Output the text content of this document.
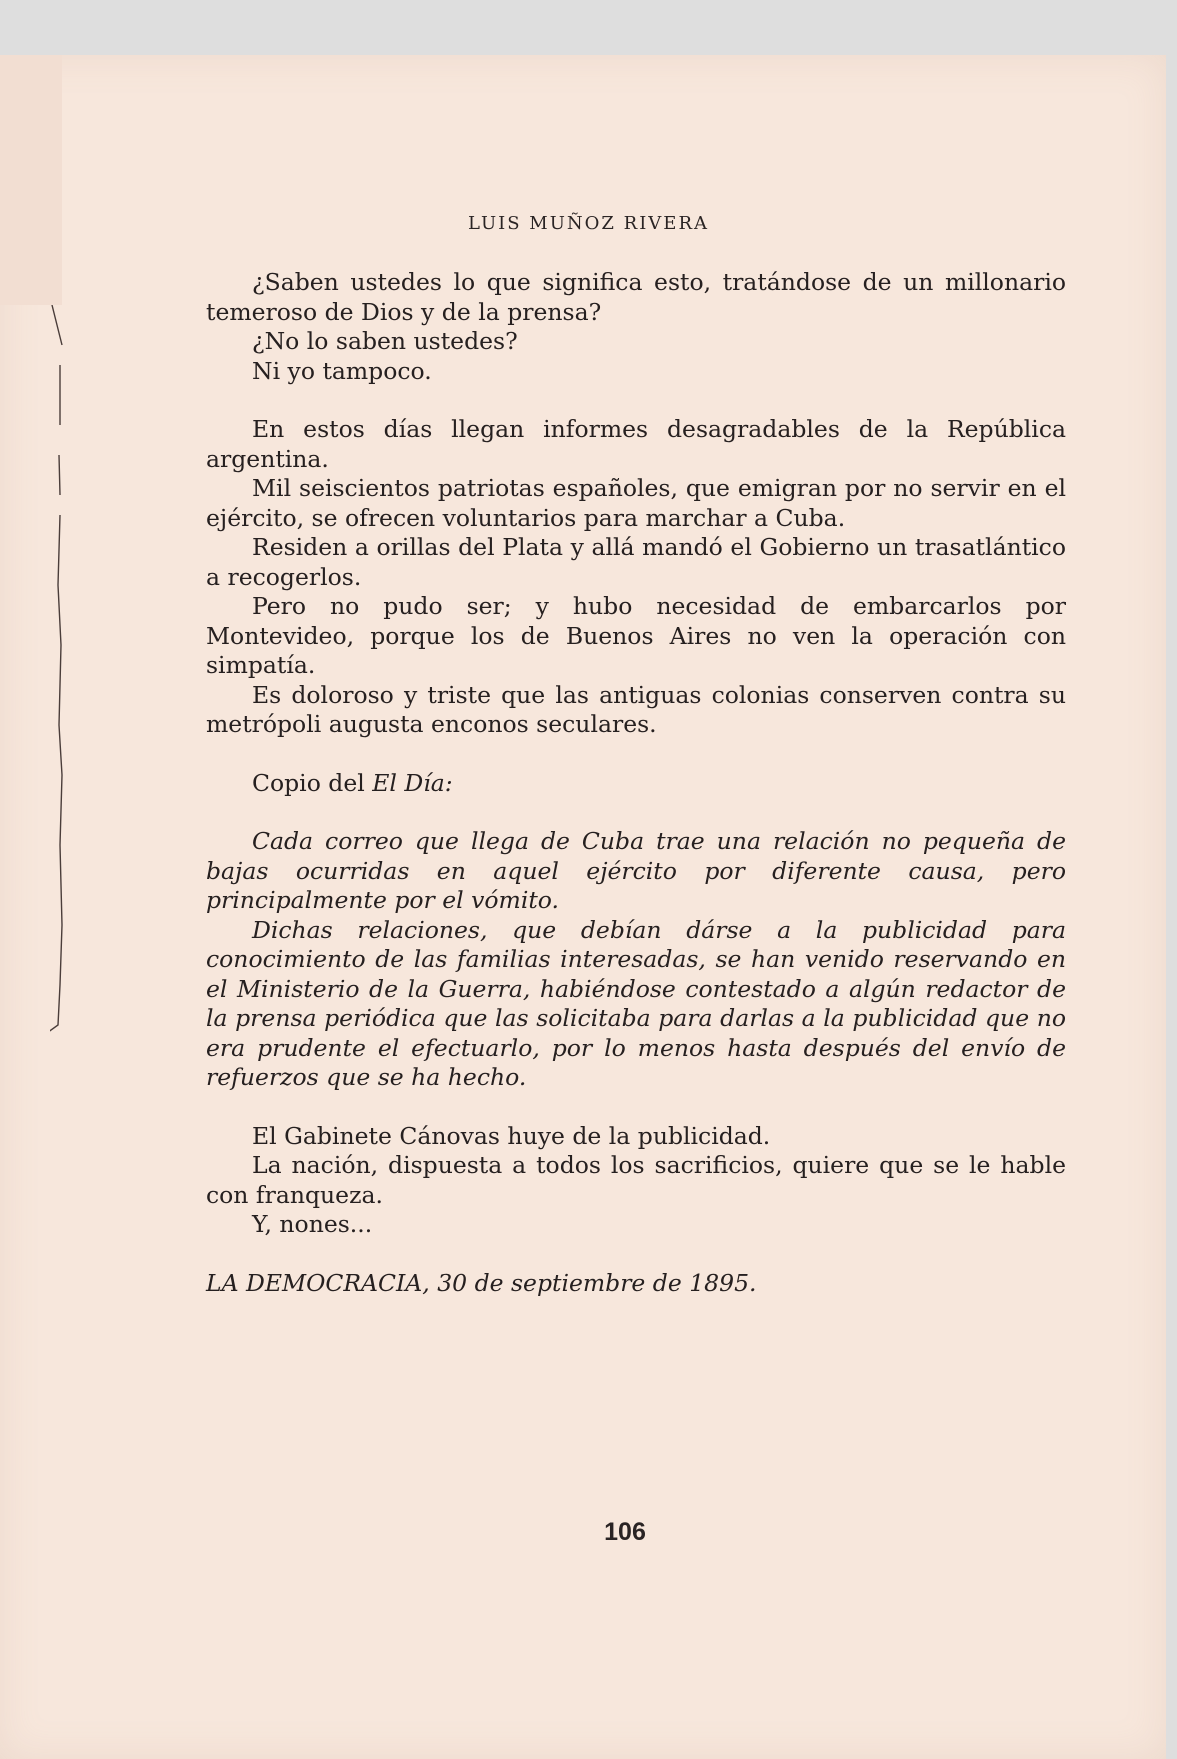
LUIS MUÑOZ RIVERA

¿Saben ustedes lo que significa esto, tratándose de un millonario temeroso de Dios y de la prensa?

¿No lo saben ustedes?

Ni yo tampoco.

En estos días llegan informes desagradables de la República argentina.

Mil seiscientos patriotas españoles, que emigran por no servir en el ejército, se ofrecen voluntarios para marchar a Cuba.

Residen a orillas del Plata y allá mandó el Gobierno un trasatlántico a recogerlos.

Pero no pudo ser; y hubo necesidad de embarcarlos por Montevideo, porque los de Buenos Aires no ven la operación con simpatía.

Es doloroso y triste que las antiguas colonias conserven contra su metrópoli augusta enconos seculares.

Copio del El Día:

Cada correo que llega de Cuba trae una relación no pequeña de bajas ocurridas en aquel ejército por diferente causa, pero principalmente por el vómito.

Dichas relaciones, que debían dárse a la publicidad para conocimiento de las familias interesadas, se han venido reservando en el Ministerio de la Guerra, habiéndose contestado a algún redactor de la prensa periódica que las solicitaba para darlas a la publicidad que no era prudente el efectuarlo, por lo menos hasta después del envío de refuerzos que se ha hecho.

El Gabinete Cánovas huye de la publicidad.

La nación, dispuesta a todos los sacrificios, quiere que se le hable con franqueza.

Y, nones...

LA DEMOCRACIA, 30 de septiembre de 1895.

106
